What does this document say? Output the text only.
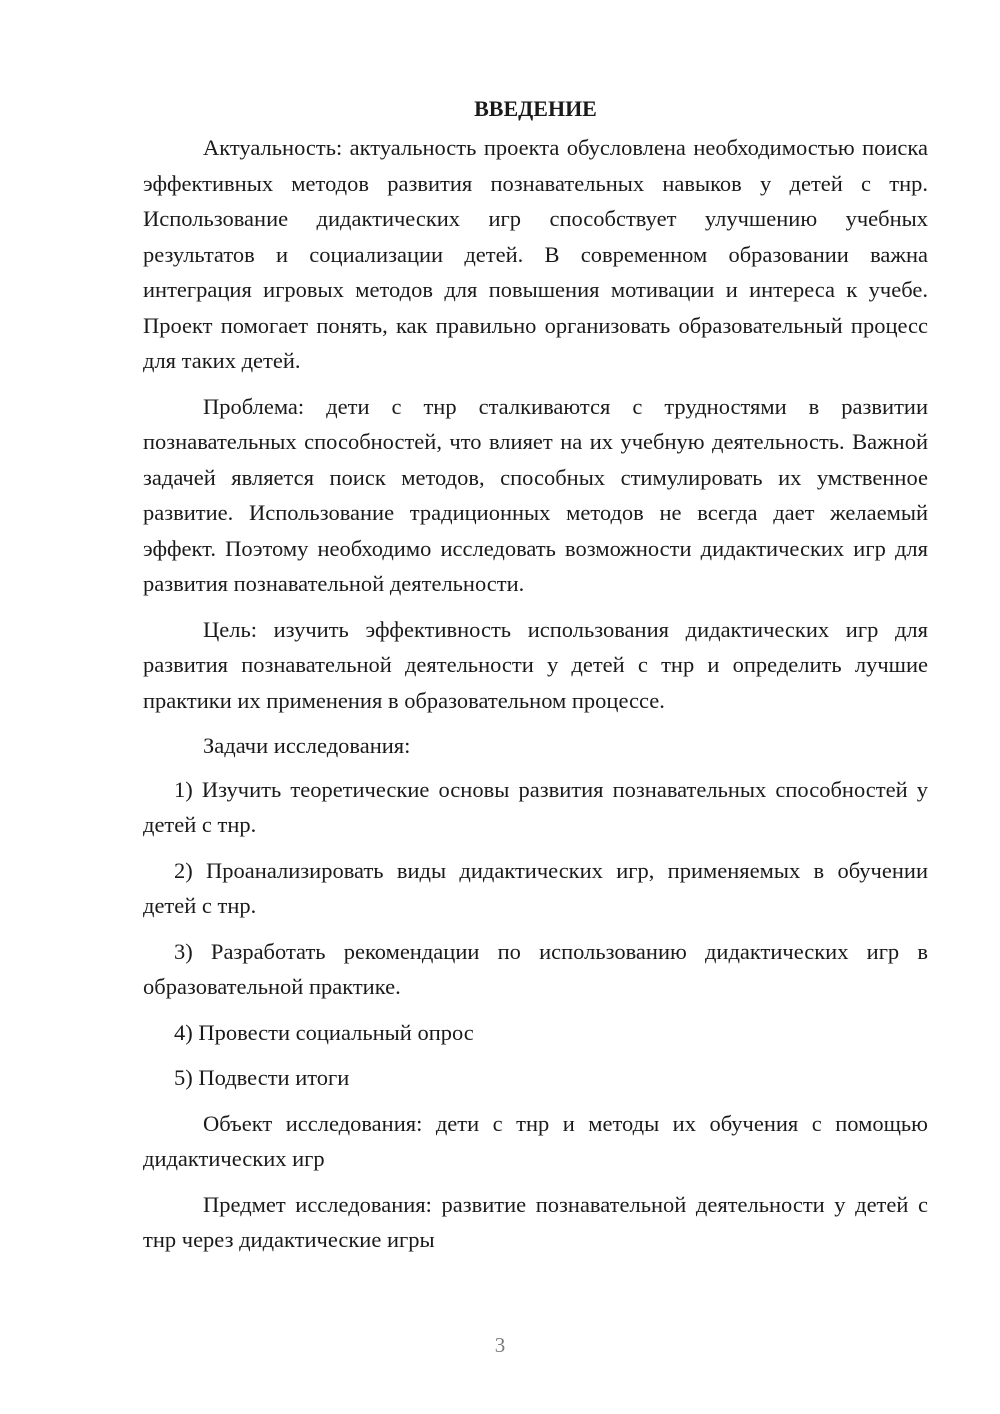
ВВЕДЕНИЕ

Актуальность: актуальность проекта обусловлена необходимостью поиска эффективных методов развития познавательных навыков у детей с тнр. Использование дидактических игр способствует улучшению учебных результатов и социализации детей. В современном образовании важна интеграция игровых методов для повышения мотивации и интереса к учебе. Проект помогает понять, как правильно организовать образовательный процесс для таких детей.

Проблема: дети с тнр сталкиваются с трудностями в развитии познавательных способностей, что влияет на их учебную деятельность. Важной задачей является поиск методов, способных стимулировать их умственное развитие. Использование традиционных методов не всегда дает желаемый эффект. Поэтому необходимо исследовать возможности дидактических игр для развития познавательной деятельности.

Цель: изучить эффективность использования дидактических игр для развития познавательной деятельности у детей с тнр и определить лучшие практики их применения в образовательном процессе.

Задачи исследования:

1) Изучить теоретические основы развития познавательных способностей у детей с тнр.

2) Проанализировать виды дидактических игр, применяемых в обучении детей с тнр.

3) Разработать рекомендации по использованию дидактических игр в образовательной практике.

4) Провести социальный опрос

5) Подвести итоги

Объект исследования: дети с тнр и методы их обучения с помощью дидактических игр

Предмет исследования: развитие познавательной деятельности у детей с тнр через дидактические игры

3
